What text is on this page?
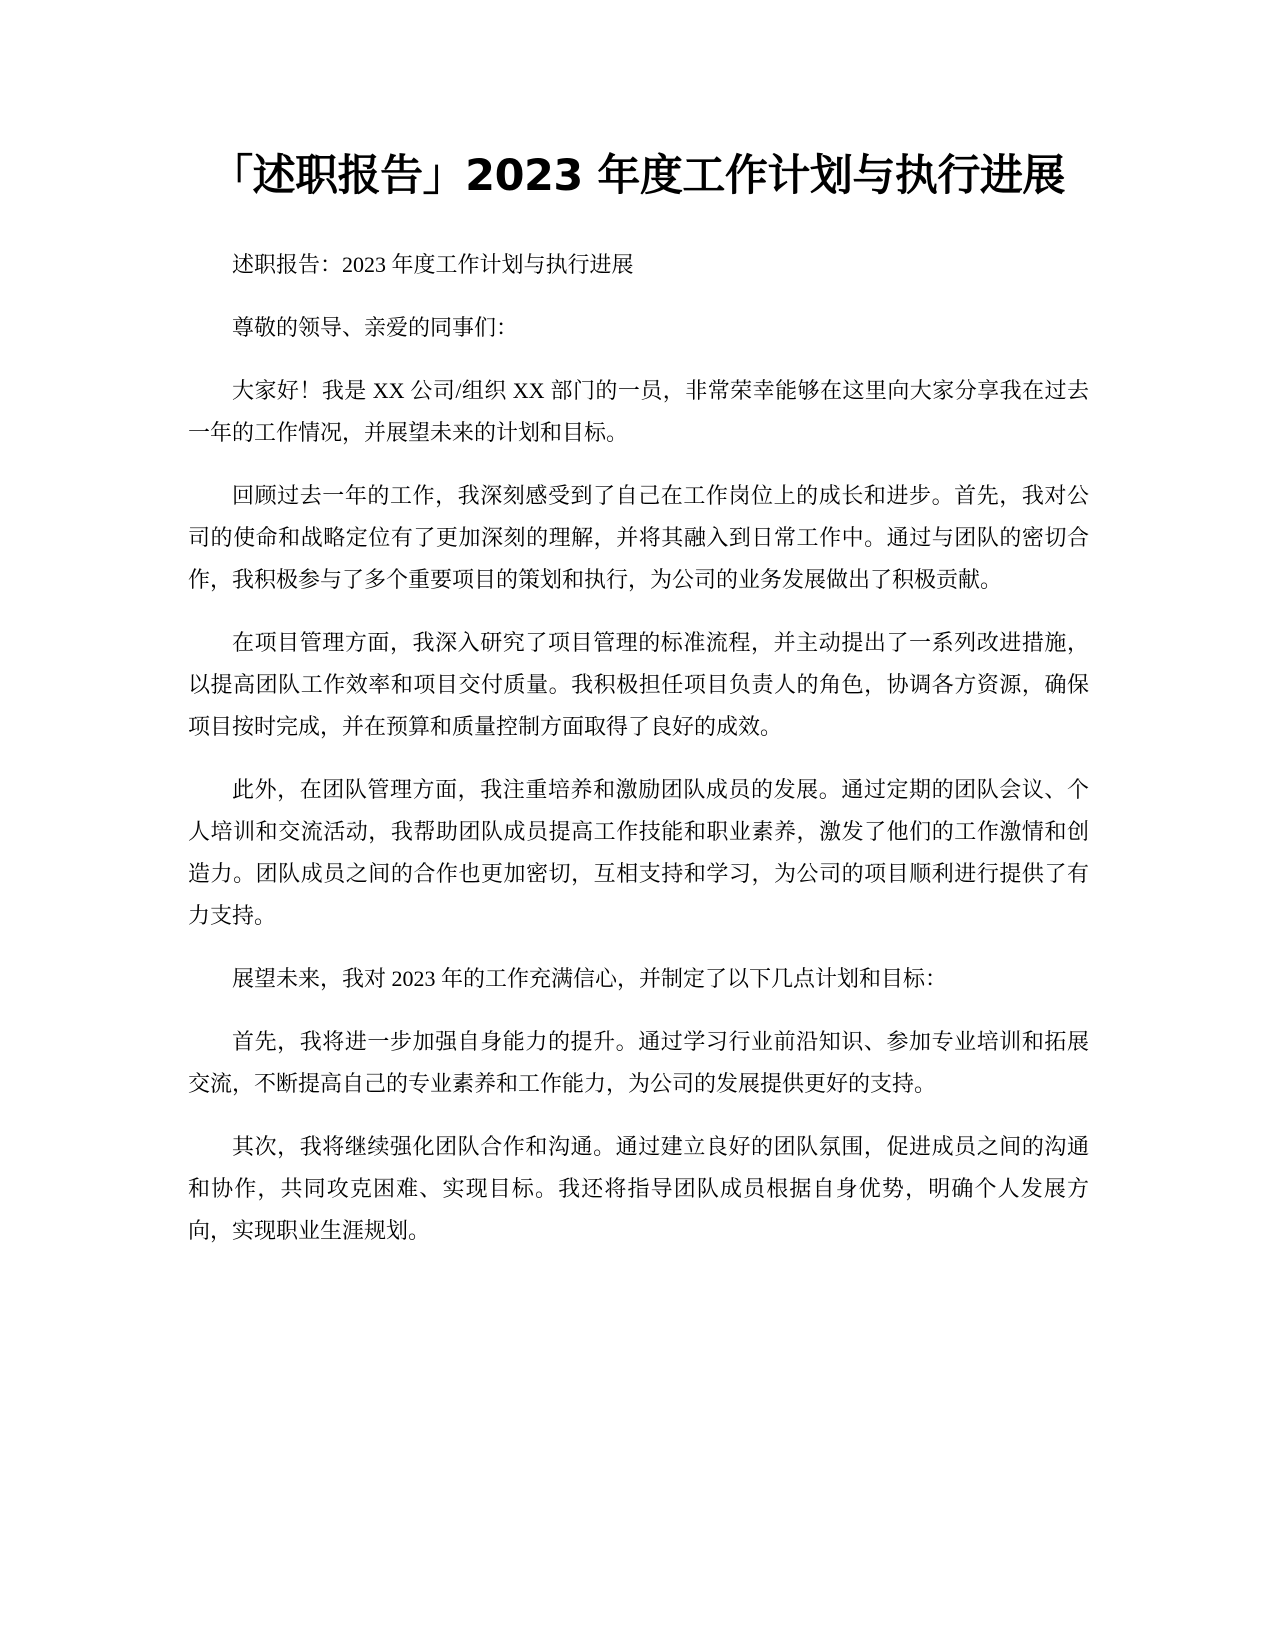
「述职报告」2023 年度工作计划与执行进展

述职报告：2023 年度工作计划与执行进展

尊敬的领导、亲爱的同事们：

大家好！我是 XX 公司/组织 XX 部门的一员，非常荣幸能够在这里向大家分享我在过去一年的工作情况，并展望未来的计划和目标。

回顾过去一年的工作，我深刻感受到了自己在工作岗位上的成长和进步。首先，我对公司的使命和战略定位有了更加深刻的理解，并将其融入到日常工作中。通过与团队的密切合作，我积极参与了多个重要项目的策划和执行，为公司的业务发展做出了积极贡献。

在项目管理方面，我深入研究了项目管理的标准流程，并主动提出了一系列改进措施，以提高团队工作效率和项目交付质量。我积极担任项目负责人的角色，协调各方资源，确保项目按时完成，并在预算和质量控制方面取得了良好的成效。

此外，在团队管理方面，我注重培养和激励团队成员的发展。通过定期的团队会议、个人培训和交流活动，我帮助团队成员提高工作技能和职业素养，激发了他们的工作激情和创造力。团队成员之间的合作也更加密切，互相支持和学习，为公司的项目顺利进行提供了有力支持。

展望未来，我对 2023 年的工作充满信心，并制定了以下几点计划和目标：

首先，我将进一步加强自身能力的提升。通过学习行业前沿知识、参加专业培训和拓展交流，不断提高自己的专业素养和工作能力，为公司的发展提供更好的支持。

其次，我将继续强化团队合作和沟通。通过建立良好的团队氛围，促进成员之间的沟通和协作，共同攻克困难、实现目标。我还将指导团队成员根据自身优势，明确个人发展方向，实现职业生涯规划。
